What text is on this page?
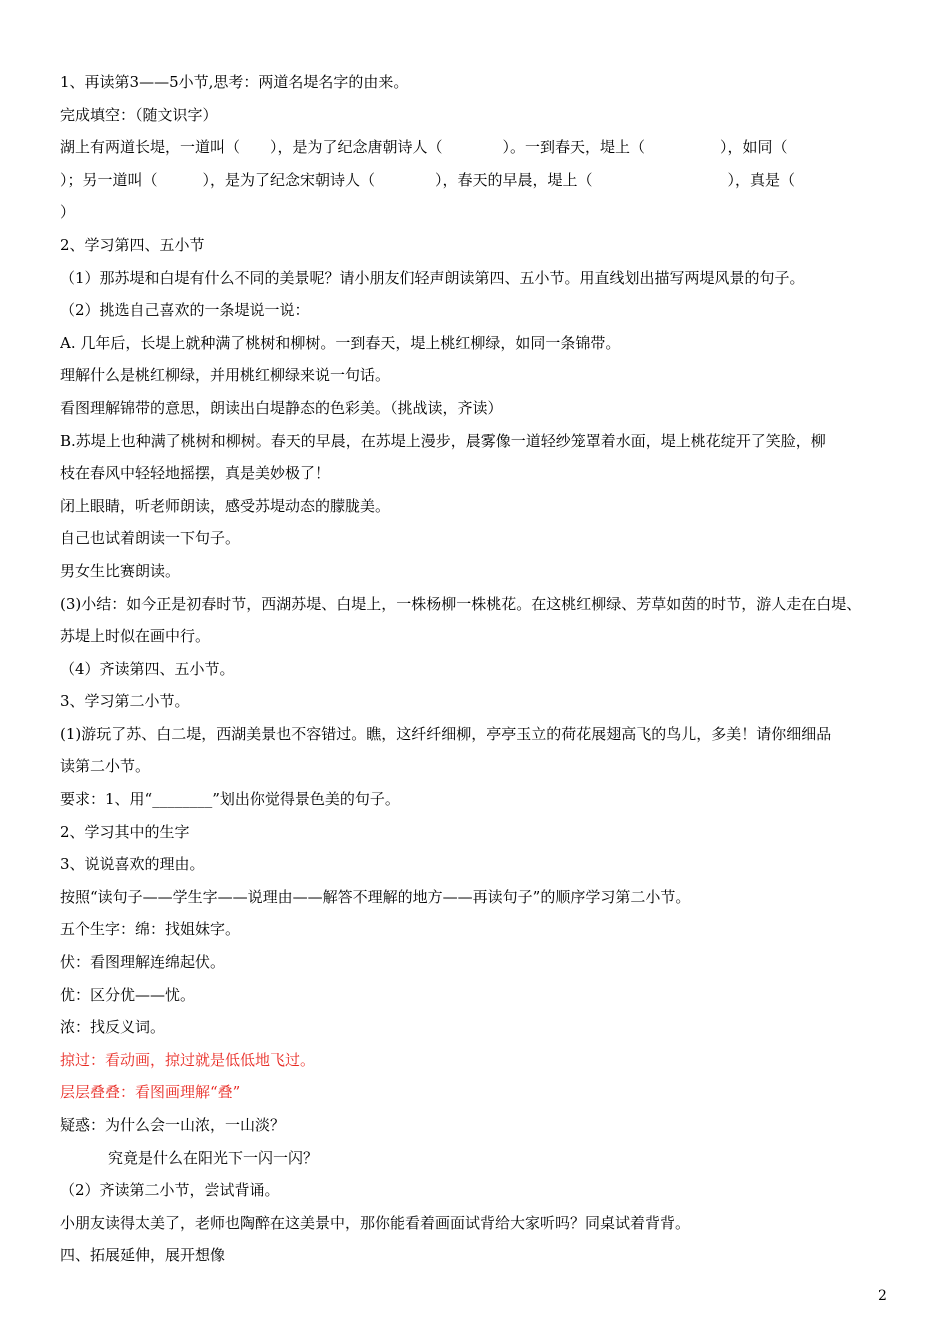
1、再读第3——5小节,思考：两道名堤名字的由来。
完成填空：（随文识字）
湖上有两道长堤，一道叫（　　），是为了纪念唐朝诗人（　　　　）。一到春天，堤上（　　　　　），如同（
）；另一道叫（　　　），是为了纪念宋朝诗人（　　　　），春天的早晨，堤上（　　　　　　　　　），真是（
）
2、学习第四、五小节
（1）那苏堤和白堤有什么不同的美景呢？请小朋友们轻声朗读第四、五小节。用直线划出描写两堤风景的句子。
（2）挑选自己喜欢的一条堤说一说：
A. 几年后，长堤上就种满了桃树和柳树。一到春天，堤上桃红柳绿，如同一条锦带。
理解什么是桃红柳绿，并用桃红柳绿来说一句话。
看图理解锦带的意思，朗读出白堤静态的色彩美。（挑战读，齐读）
B.苏堤上也种满了桃树和柳树。春天的早晨，在苏堤上漫步，晨雾像一道轻纱笼罩着水面，堤上桃花绽开了笑脸，柳
枝在春风中轻轻地摇摆，真是美妙极了！
闭上眼睛，听老师朗读，感受苏堤动态的朦胧美。
自己也试着朗读一下句子。
男女生比赛朗读。
(3)小结：如今正是初春时节，西湖苏堤、白堤上，一株杨柳一株桃花。在这桃红柳绿、芳草如茵的时节，游人走在白堤、
苏堤上时似在画中行。
（4）齐读第四、五小节。
3、学习第二小节。
(1)游玩了苏、白二堤，西湖美景也不容错过。瞧，这纤纤细柳，亭亭玉立的荷花展翅高飞的鸟儿，多美！请你细细品
读第二小节。
要求：1、用“________”划出你觉得景色美的句子。
2、学习其中的生字
3、说说喜欢的理由。
按照“读句子——学生字——说理由——解答不理解的地方——再读句子”的顺序学习第二小节。
五个生字：绵：找姐妹字。
伏：看图理解连绵起伏。
优：区分优——忧。
浓：找反义词。
掠过：看动画，掠过就是低低地飞过。
层层叠叠：看图画理解“叠”
疑惑：为什么会一山浓，一山淡？
究竟是什么在阳光下一闪一闪？
（2）齐读第二小节，尝试背诵。
小朋友读得太美了，老师也陶醉在这美景中，那你能看着画面试背给大家听吗？同桌试着背背。
四、拓展延伸，展开想像
2
